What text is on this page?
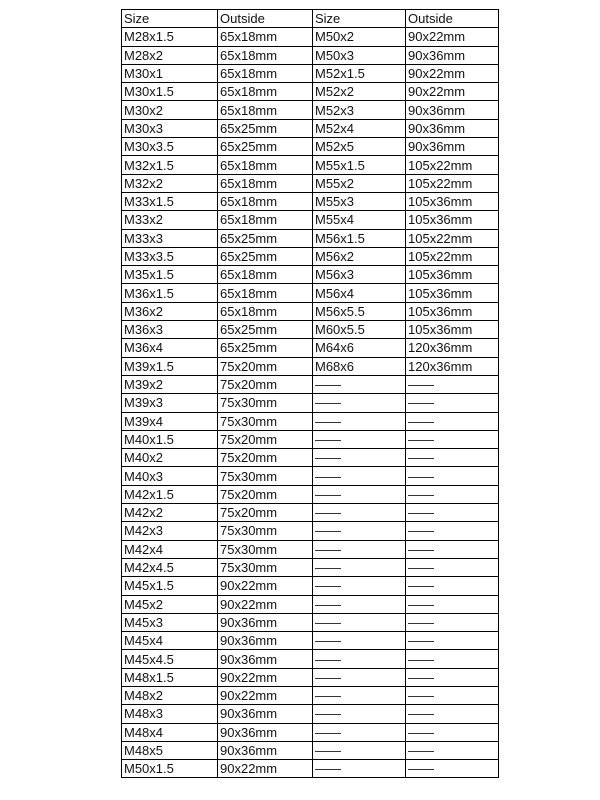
Size	Outside	Size	Outside
M28x1.5	65x18mm	M50x2	90x22mm
M28x2	65x18mm	M50x3	90x36mm
M30x1	65x18mm	M52x1.5	90x22mm
M30x1.5	65x18mm	M52x2	90x22mm
M30x2	65x18mm	M52x3	90x36mm
M30x3	65x25mm	M52x4	90x36mm
M30x3.5	65x25mm	M52x5	90x36mm
M32x1.5	65x18mm	M55x1.5	105x22mm
M32x2	65x18mm	M55x2	105x22mm
M33x1.5	65x18mm	M55x3	105x36mm
M33x2	65x18mm	M55x4	105x36mm
M33x3	65x25mm	M56x1.5	105x22mm
M33x3.5	65x25mm	M56x2	105x22mm
M35x1.5	65x18mm	M56x3	105x36mm
M36x1.5	65x18mm	M56x4	105x36mm
M36x2	65x18mm	M56x5.5	105x36mm
M36x3	65x25mm	M60x5.5	105x36mm
M36x4	65x25mm	M64x6	120x36mm
M39x1.5	75x20mm	M68x6	120x36mm
M39x2	75x20mm	——	——
M39x3	75x30mm	——	——
M39x4	75x30mm	——	——
M40x1.5	75x20mm	——	——
M40x2	75x20mm	——	——
M40x3	75x30mm	——	——
M42x1.5	75x20mm	——	——
M42x2	75x20mm	——	——
M42x3	75x30mm	——	——
M42x4	75x30mm	——	——
M42x4.5	75x30mm	——	——
M45x1.5	90x22mm	——	——
M45x2	90x22mm	——	——
M45x3	90x36mm	——	——
M45x4	90x36mm	——	——
M45x4.5	90x36mm	——	——
M48x1.5	90x22mm	——	——
M48x2	90x22mm	——	——
M48x3	90x36mm	——	——
M48x4	90x36mm	——	——
M48x5	90x36mm	——	——
M50x1.5	90x22mm	——	——
